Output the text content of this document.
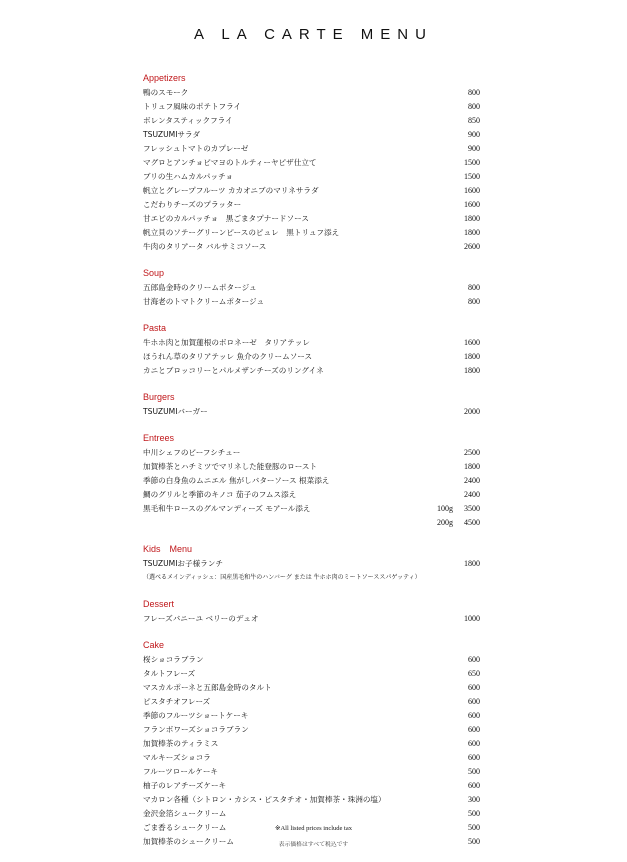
A LA CARTE MENU
Appetizers
鴨のスモーク	800
トリュフ風味のポテトフライ	800
ボレンタスティックフライ	850
TSUZUMIサラダ	900
フレッシュトマトのカプレーゼ	900
マグロとアンチョビマヨのトルティーヤピザ仕立て	1500
ブリの生ハムカルパッチョ	1500
帆立とグレープフルーツ カカオニブのマリネサラダ	1600
こだわりチーズのプラッター	1600
甘エビのカルパッチョ　黒ごまタプナードソース	1800
帆立貝のソテーグリーンピースのピュレ　黒トリュフ添え	1800
牛肉のタリアータ バルサミコソース	2600
Soup
五郎島金時のクリームポタージュ	800
甘海老のトマトクリームポタージュ	800
Pasta
牛ホホ肉と加賀蓮根のボロネーゼ　タリアテッレ	1600
ほうれん草のタリアテッレ 魚介のクリームソース	1800
カニとブロッコリーとパルメザンチーズのリングイネ	1800
Burgers
TSUZUMIバーガー	2000
Entrees
中川シェフのビーフシチュー	2500
加賀棒茶とハチミツでマリネした能登豚のロースト	1800
季節の白身魚のムニエル 焦がしバターソース 根菜添え	2400
鯛のグリルと季節のキノコ 茄子のフムス添え	2400
黒毛和牛ロースのグルマンディーズ モアール添え	100g	3500
200g	4500
Kids　Menu
TSUZUMIお子様ランチ	1800
（選べるメインディッシュ：国産黒毛和牛のハンバーグ または 牛ホホ肉のミートソーススパゲッティ）
Dessert
フレーズバニーユ ベリーのデュオ	1000
Cake
桜ショコラブラン	600
タルトフレーズ	650
マスカルポーネと五郎島金時のタルト	600
ピスタチオフレーズ	600
季節のフルーツショートケーキ	600
フランボワーズショコラブラン	600
加賀棒茶のティラミス	600
マルキーズショコラ	600
フルーツロールケーキ	500
柚子のレアチーズケーキ	600
マカロン各種（シトロン・カシス・ピスタチオ・加賀棒茶・珠洲の塩）	300
金沢金箔シュークリーム	500
ごま香るシュークリーム	500
加賀棒茶のシュークリーム	500
※All listed prices include tax
表示価格はすべて税込です
